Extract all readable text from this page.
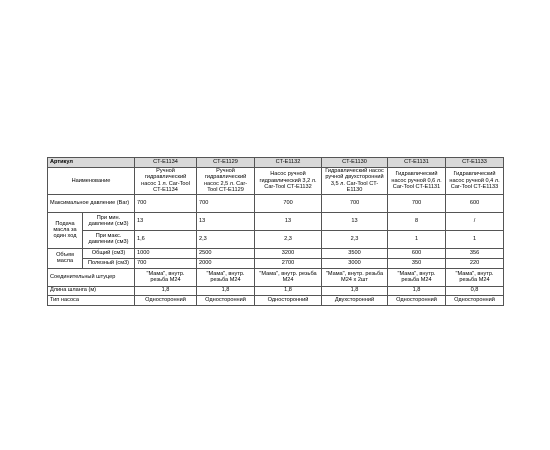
Артикул		CT-E1134	CT-E1129	CT-E1132	CT-E1130	CT-E1131	CT-E1133
Наименование		Ручной гидравлический насос 1 л. Car-Tool CT-E1134	Ручной гидравлический насос 2,5 л. Car-Tool CT-E1129	Насос ручной гидравлический 3,2 л. Car-Tool CT-E1132	Гидравлический насос ручной двухсторонний 3,5 л. Car-Tool CT-E1130	Гидравлический насос ручной 0,6 л. Car-Tool CT-E1131	Гидравлический насос ручной 0,4 л. Car-Tool CT-E1133
Максимальное давление (Bar)		700	700	700	700	700	600
Подача масла за один ход	При мин. давлении (см3)	13	13	13	13	8	/
	При макс. давлении (см3)	1,6	2,3	2,3	2,3	1	1
Объем масла	Общий (см3)	1000	2500	3200	3500	600	356
	Полезный (см3)	700	2000	2700	3000	350	220
Соединительный штуцер		"Мама", внутр. резьба М24	"Мама", внутр. резьба М24	"Мама", внутр. резьба М24	"Мама", внутр. резьба М24 х 2шт	"Мама", внутр. резьба М24	"Мама", внутр. резьба М24
Длина шланга (м)		1,8	1,8	1,8	1,8	1,8	0,8
Тип насоса		Односторонний	Односторонний	Односторонний	Двухсторонний	Односторонний	Односторонний
